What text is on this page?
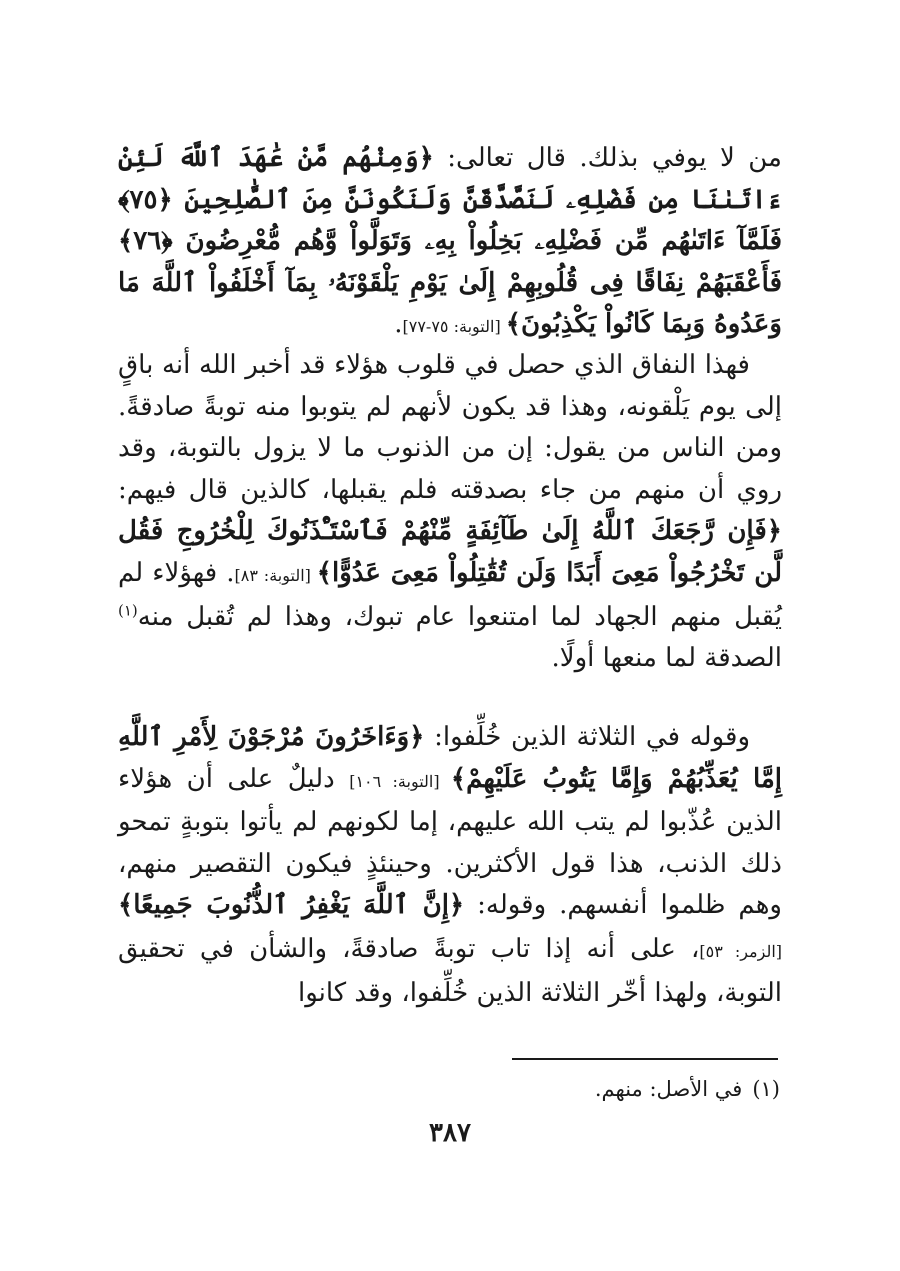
من لا يوفي بذلك. قال تعالى: ﴿وَمِنْهُم مَّنْ عَٰهَدَ ٱللَّهَ لَئِنْ ءَاتَىٰنَا مِن فَضْلِهِۦ لَنَصَّدَّقَنَّ وَلَنَكُونَنَّ مِنَ ٱلصَّٰلِحِينَ ﴿٧٥﴾ فَلَمَّآ ءَاتَىٰهُم مِّن فَضْلِهِۦ بَخِلُواْ بِهِۦ وَتَوَلَّواْ وَّهُم مُّعْرِضُونَ ﴿٧٦﴾ فَأَعْقَبَهُمْ نِفَاقًا فِى قُلُوبِهِمْ إِلَىٰ يَوْمِ يَلْقَوْنَهُۥ بِمَآ أَخْلَفُواْ ٱللَّهَ مَا وَعَدُوهُ وَبِمَا كَانُواْ يَكْذِبُونَ﴾ [التوبة: ٧٥-٧٧].
فهذا النفاق الذي حصل في قلوب هؤلاء قد أخبر الله أنه باقٍ إلى يوم يَلْقونه، وهذا قد يكون لأنهم لم يتوبوا منه توبةً صادقةً. ومن الناس من يقول: إن من الذنوب ما لا يزول بالتوبة، وقد روي أن منهم من جاء بصدقته فلم يقبلها، كالذين قال فيهم: ﴿فَإِن رَّجَعَكَ ٱللَّهُ إِلَىٰ طَآئِفَةٍ مِّنْهُمْ فَٱسْتَـْٔذَنُوكَ لِلْخُرُوجِ فَقُل لَّن تَخْرُجُواْ مَعِىَ أَبَدًا وَلَن تُقَٰتِلُواْ مَعِىَ عَدُوًّا﴾ [التوبة: ٨٣]. فهؤلاء لم يُقبل منهم الجهاد لما امتنعوا عام تبوك، وهذا لم تُقبل منه$^{(١)}$ الصدقة لما منعها أولًا.
وقوله في الثلاثة الذين خُلِّفوا: ﴿وَءَاخَرُونَ مُرْجَوْنَ لِأَمْرِ ٱللَّهِ إِمَّا يُعَذِّبُهُمْ وَإِمَّا يَتُوبُ عَلَيْهِمْ﴾ [التوبة: ١٠٦] دليلٌ على أن هؤلاء الذين عُذّبوا لم يتب الله عليهم، إما لكونهم لم يأتوا بتوبةٍ تمحو ذلك الذنب، هذا قول الأكثرين. وحينئذٍ فيكون التقصير منهم، وهم ظلموا أنفسهم. وقوله: ﴿إِنَّ ٱللَّهَ يَغْفِرُ ٱلذُّنُوبَ جَمِيعًا﴾ [الزمر: ٥٣]، على أنه إذا تاب توبةً صادقةً، والشأن في تحقيق التوبة، ولهذا أخّر الثلاثة الذين خُلِّفوا، وقد كانوا
(١)في الأصل: منهم.
٣٨٧
